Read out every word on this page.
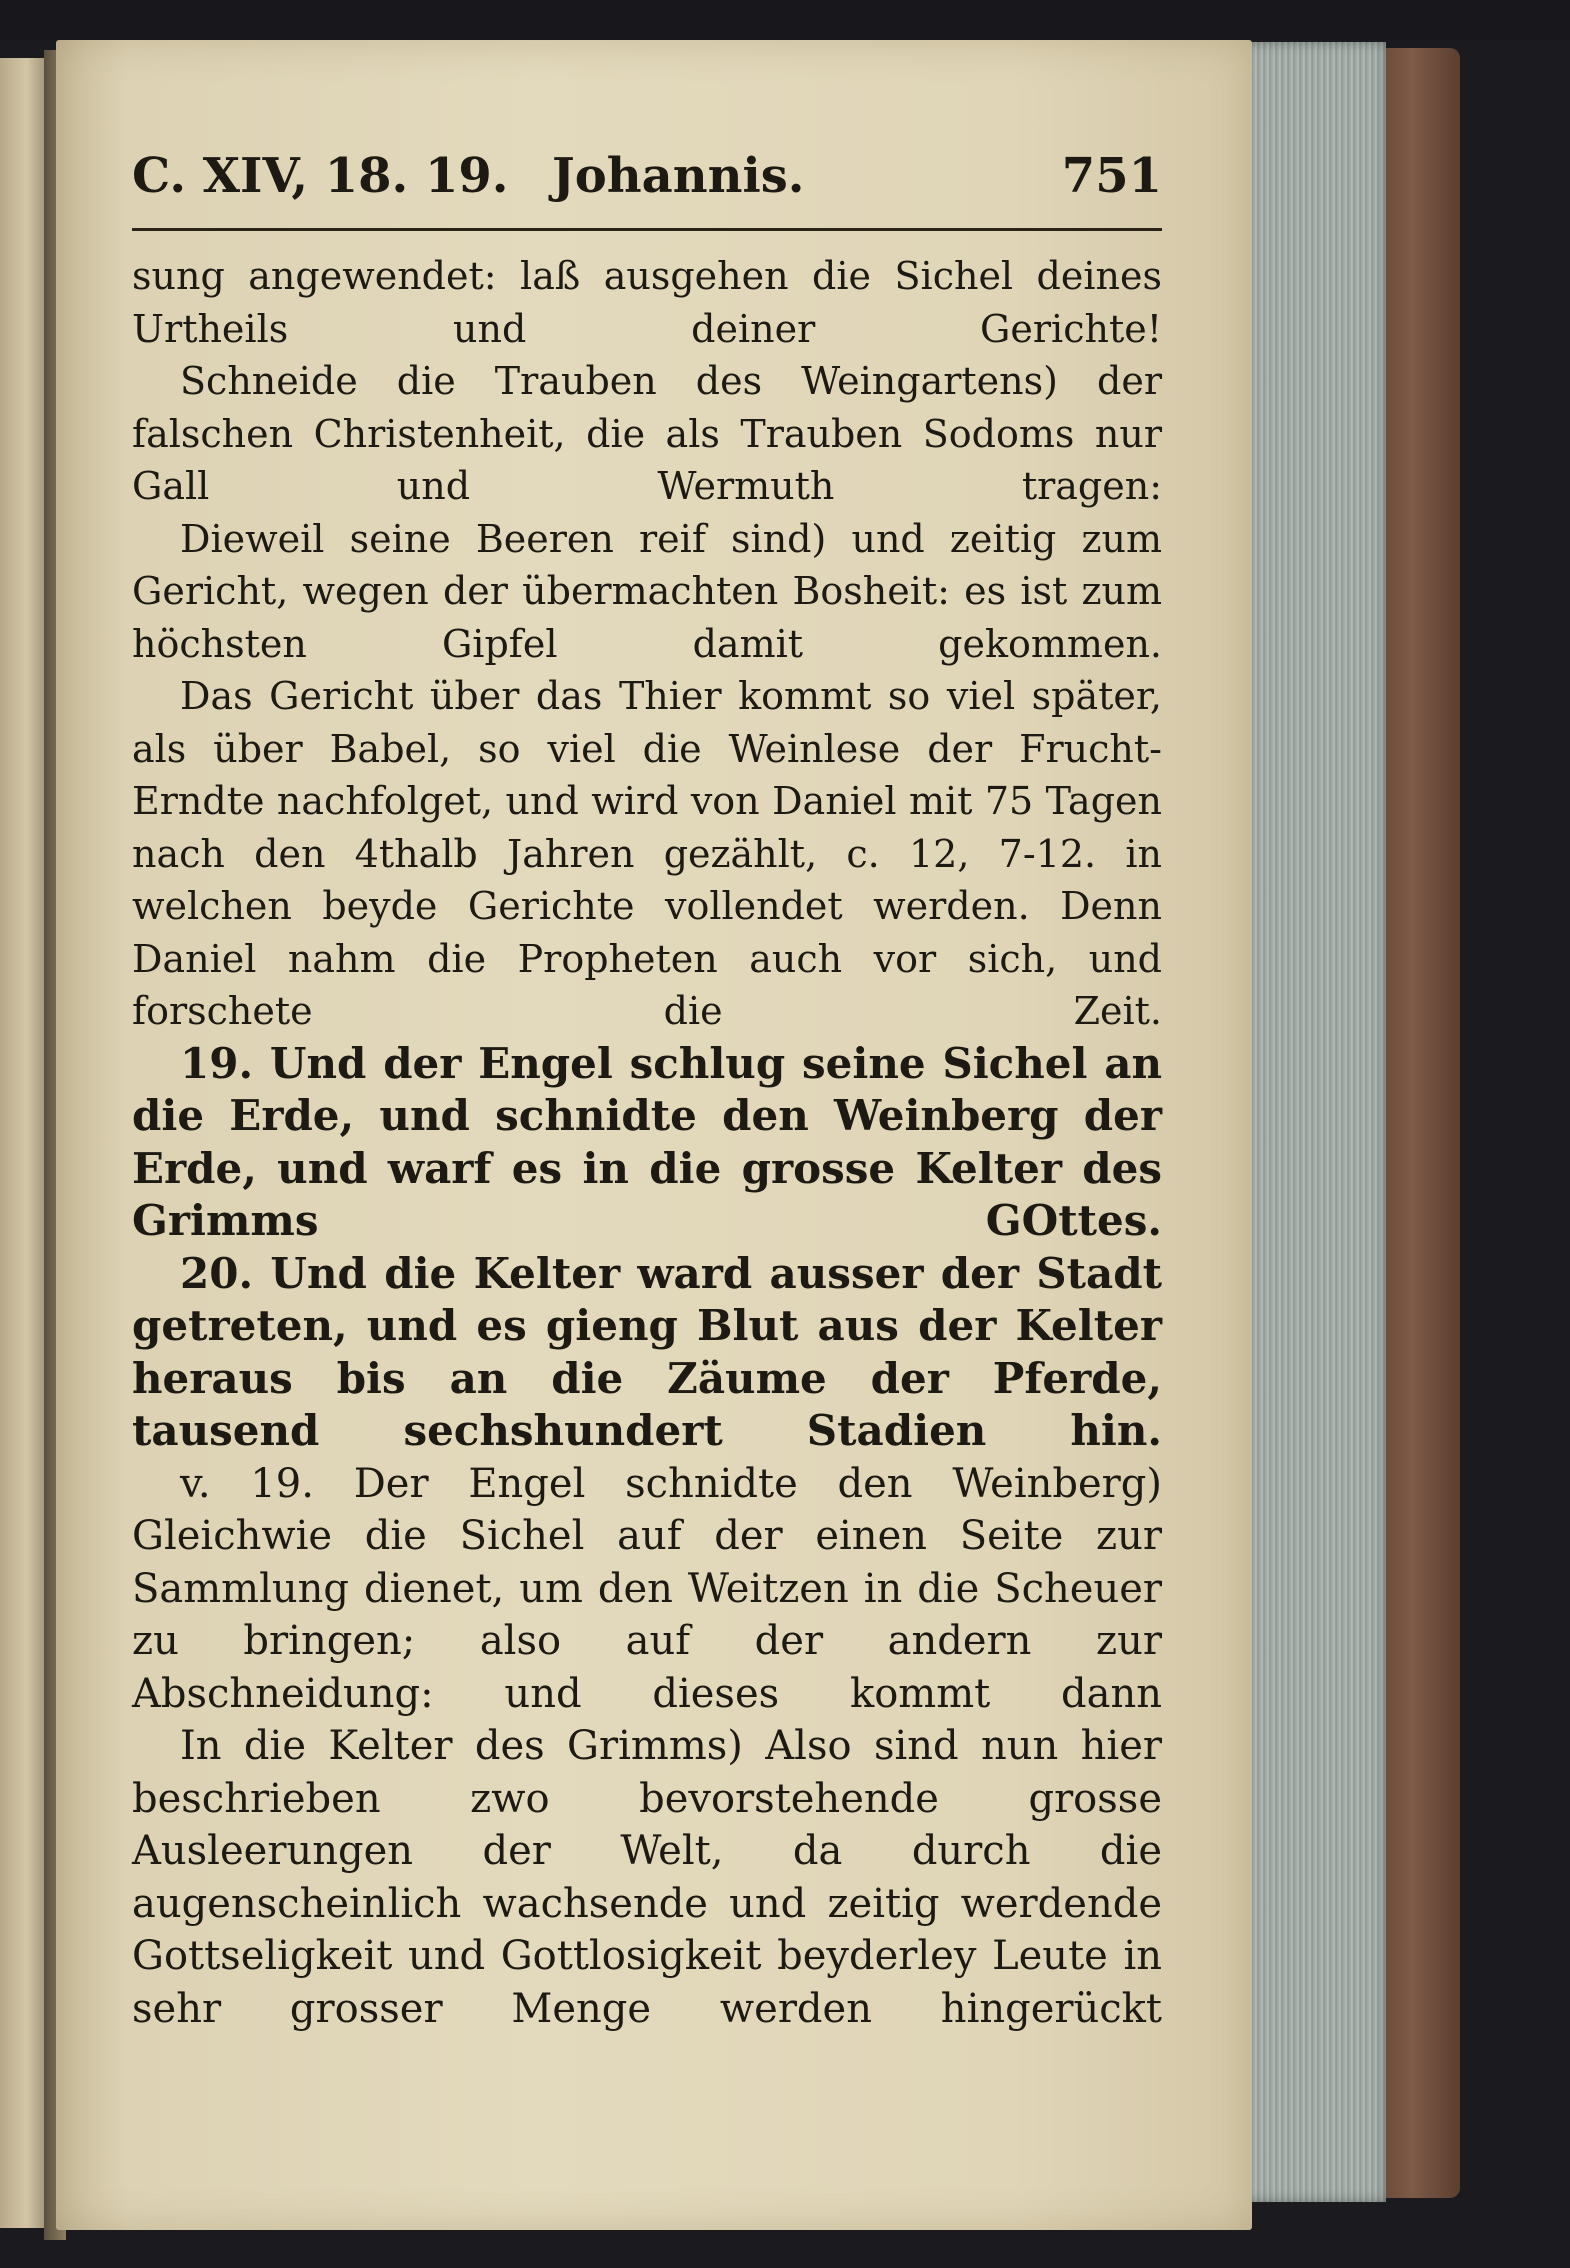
C. XIV, 18. 19. Johannis.	751

sung angewendet: laß ausgehen die Sichel deines Urtheils und deiner Gerichte!

Schneide die Trauben des Weingartens) der falschen Christenheit, die als Trauben Sodoms nur Gall und Wermuth tragen:

Dieweil seine Beeren reif sind) und zeitig zum Gericht, wegen der übermachten Bosheit: es ist zum höchsten Gipfel damit gekommen.

Das Gericht über das Thier kommt so viel später, als über Babel, so viel die Weinlese der Frucht-Erndte nachfolget, und wird von Daniel mit 75 Tagen nach den 4thalb Jahren gezählt, c. 12, 7-12. in welchen beyde Gerichte vollendet werden. Denn Daniel nahm die Propheten auch vor sich, und forschete die Zeit.

19. Und der Engel schlug seine Sichel an die Erde, und schnidte den Weinberg der Erde, und warf es in die grosse Kelter des Grimms GOttes.

20. Und die Kelter ward ausser der Stadt getreten, und es gieng Blut aus der Kelter heraus bis an die Zäume der Pferde, tausend sechshundert Stadien hin.

v. 19. Der Engel schnidte den Weinberg) Gleichwie die Sichel auf der einen Seite zur Sammlung dienet, um den Weitzen in die Scheuer zu bringen; also auf der andern zur Abschneidung: und dieses kommt dann

In die Kelter des Grimms) Also sind nun hier beschrieben zwo bevorstehende grosse Ausleerungen der Welt, da durch die augenscheinlich wachsende und zeitig werdende Gottseligkeit und Gottlosigkeit beyderley Leute in sehr grosser Menge werden hingerückt
